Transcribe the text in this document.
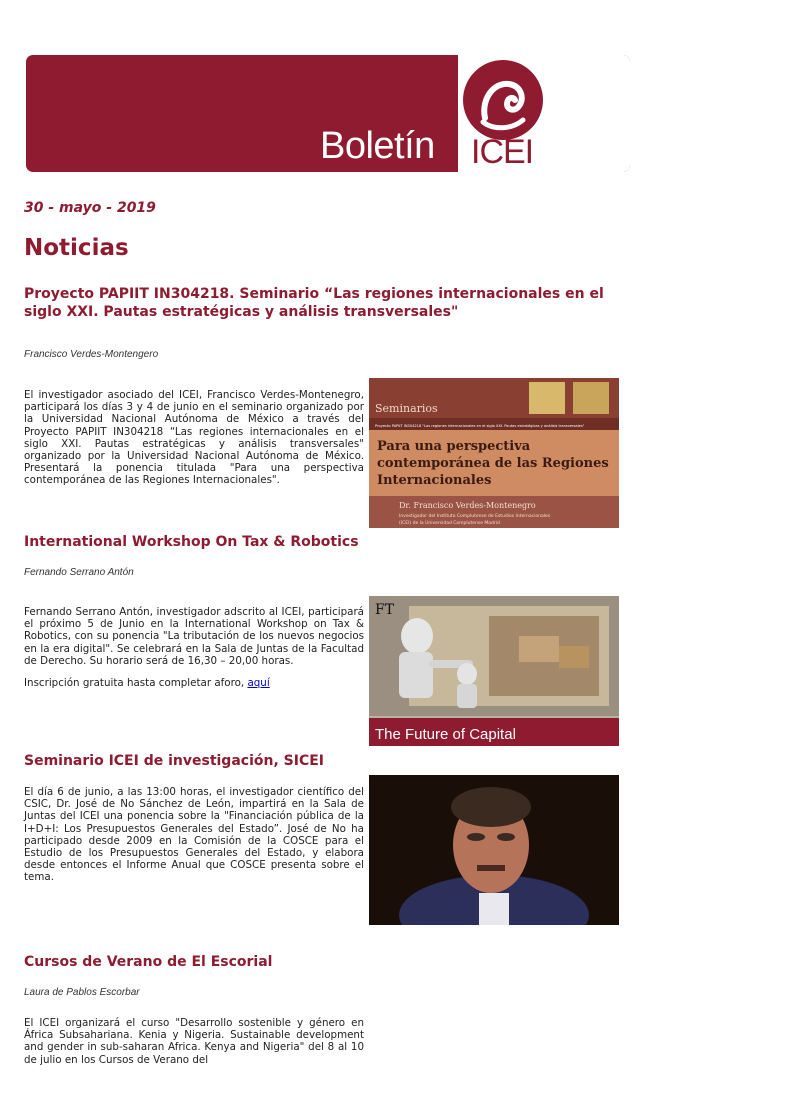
Boletín ICEI
30 - mayo - 2019
Noticias
Proyecto PAPIIT IN304218. Seminario “Las regiones internacionales en el siglo XXI. Pautas estratégicas y análisis transversales"
Francisco Verdes-Montengero

El investigador asociado del ICEI, Francisco Verdes-Montenegro, participará los días 3 y 4 de junio en el seminario organizado por la Universidad Nacional Autónoma de México a través del Proyecto PAPIIT IN304218 “Las regiones internacionales en el siglo XXI. Pautas estratégicas y análisis transversales" organizado por la Universidad Nacional Autónoma de México. Presentará la ponencia titulada "Para una perspectiva contemporánea de las Regiones Internacionales".

Seminarios
Proyecto PAPIIT IN304218 "Las regiones internacionales en el siglo XXI. Pautas estratégicas y análisis transversales"
Para una perspectiva
contemporánea de las Regiones
Internacionales
Dr. Francisco Verdes-Montenegro
Investigador del Instituto Complutense de Estudios Internacionales
(ICEI) de la Universidad Complutense Madrid
International Workshop On Tax & Robotics
Fernando Serrano Antón

Fernando Serrano Antón, investigador adscrito al ICEI, participará el próximo 5 de Junio en la International Workshop on Tax & Robotics, con su ponencia "La tributación de los nuevos negocios en la era digital". Se celebrará en la Sala de Juntas de la Facultad de Derecho. Su horario será de 16,30 – 20,00 horas.

Inscripción gratuita hasta completar aforo, aquí

FT
The Future of Capital
Seminario ICEI de investigación, SICEI

El día 6 de junio, a las 13:00 horas, el investigador científico del CSIC, Dr. José de No Sánchez de León, impartirá en la Sala de Juntas del ICEI una ponencia sobre la "Financiación pública de la I+D+I: Los Presupuestos Generales del Estado”. José de No ha participado desde 2009 en la Comisión de la COSCE para el Estudio de los Presupuestos Generales del Estado, y elabora desde entonces el Informe Anual que COSCE presenta sobre el tema.

Cursos de Verano de El Escorial
Laura de Pablos Escorbar

El ICEI organizará el curso "Desarrollo sostenible y género en África Subsahariana. Kenia y Nigeria. Sustainable development and gender in sub-saharan Africa. Kenya and Nigeria" del 8 al 10 de julio en los Cursos de Verano del
